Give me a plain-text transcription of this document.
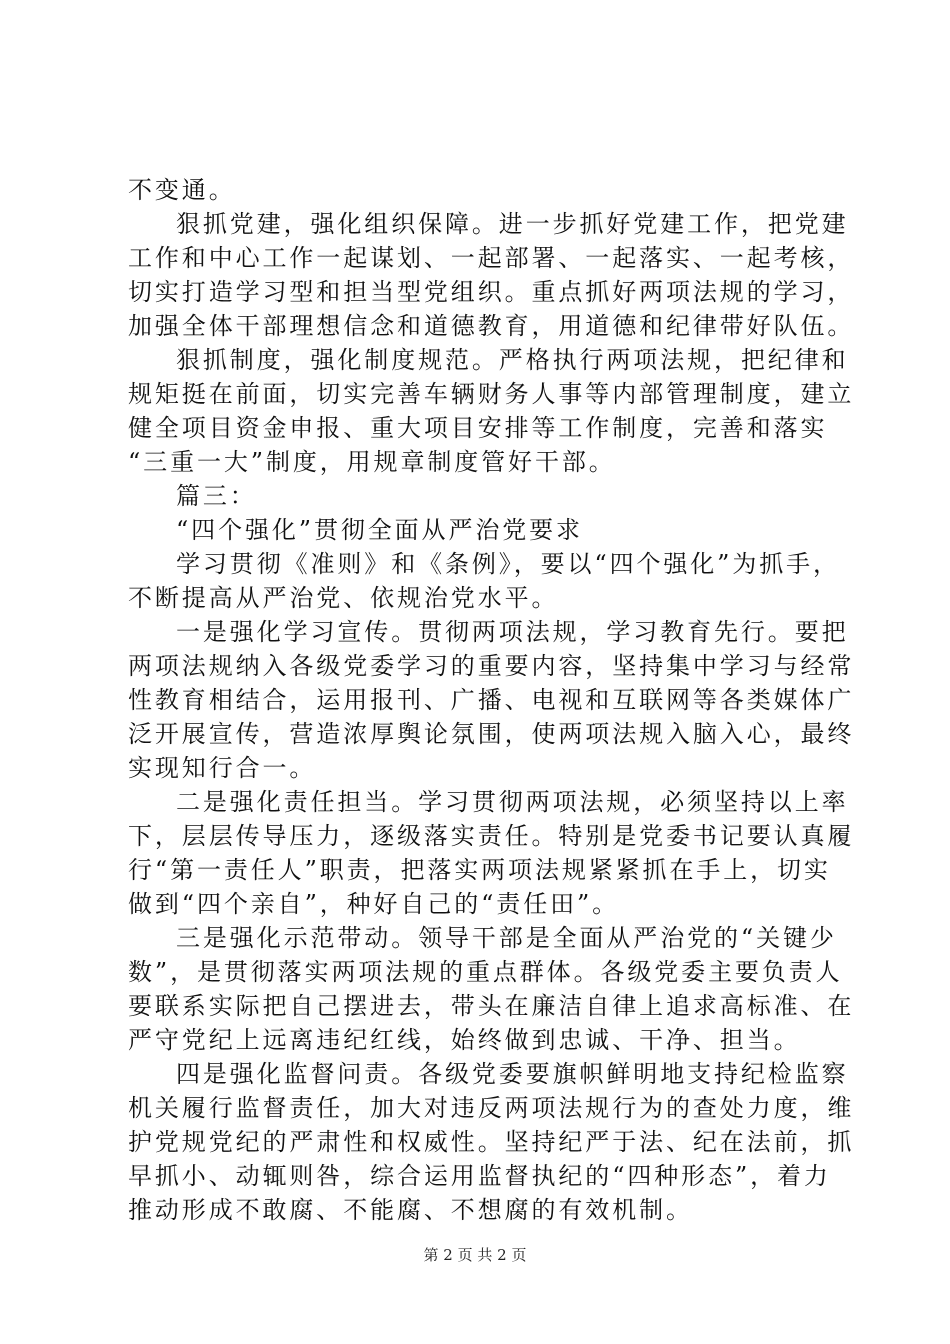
不变通。
狠抓党建，强化组织保障。进一步抓好党建工作，把党建
工作和中心工作一起谋划、一起部署、一起落实、一起考核，
切实打造学习型和担当型党组织。重点抓好两项法规的学习，
加强全体干部理想信念和道德教育，用道德和纪律带好队伍。
狠抓制度，强化制度规范。严格执行两项法规，把纪律和
规矩挺在前面，切实完善车辆财务人事等内部管理制度，建立
健全项目资金申报、重大项目安排等工作制度，完善和落实
“三重一大”制度，用规章制度管好干部。
篇三：
“四个强化”贯彻全面从严治党要求
学习贯彻《准则》和《条例》，要以“四个强化”为抓手，
不断提高从严治党、依规治党水平。
一是强化学习宣传。贯彻两项法规，学习教育先行。要把
两项法规纳入各级党委学习的重要内容，坚持集中学习与经常
性教育相结合，运用报刊、广播、电视和互联网等各类媒体广
泛开展宣传，营造浓厚舆论氛围，使两项法规入脑入心，最终
实现知行合一。
二是强化责任担当。学习贯彻两项法规，必须坚持以上率
下，层层传导压力，逐级落实责任。特别是党委书记要认真履
行“第一责任人”职责，把落实两项法规紧紧抓在手上，切实
做到“四个亲自”，种好自己的“责任田”。
三是强化示范带动。领导干部是全面从严治党的“关键少
数”，是贯彻落实两项法规的重点群体。各级党委主要负责人
要联系实际把自己摆进去，带头在廉洁自律上追求高标准、在
严守党纪上远离违纪红线，始终做到忠诚、干净、担当。
四是强化监督问责。各级党委要旗帜鲜明地支持纪检监察
机关履行监督责任，加大对违反两项法规行为的查处力度，维
护党规党纪的严肃性和权威性。坚持纪严于法、纪在法前，抓
早抓小、动辄则咎，综合运用监督执纪的“四种形态”，着力
推动形成不敢腐、不能腐、不想腐的有效机制。
第 2 页 共 2 页
